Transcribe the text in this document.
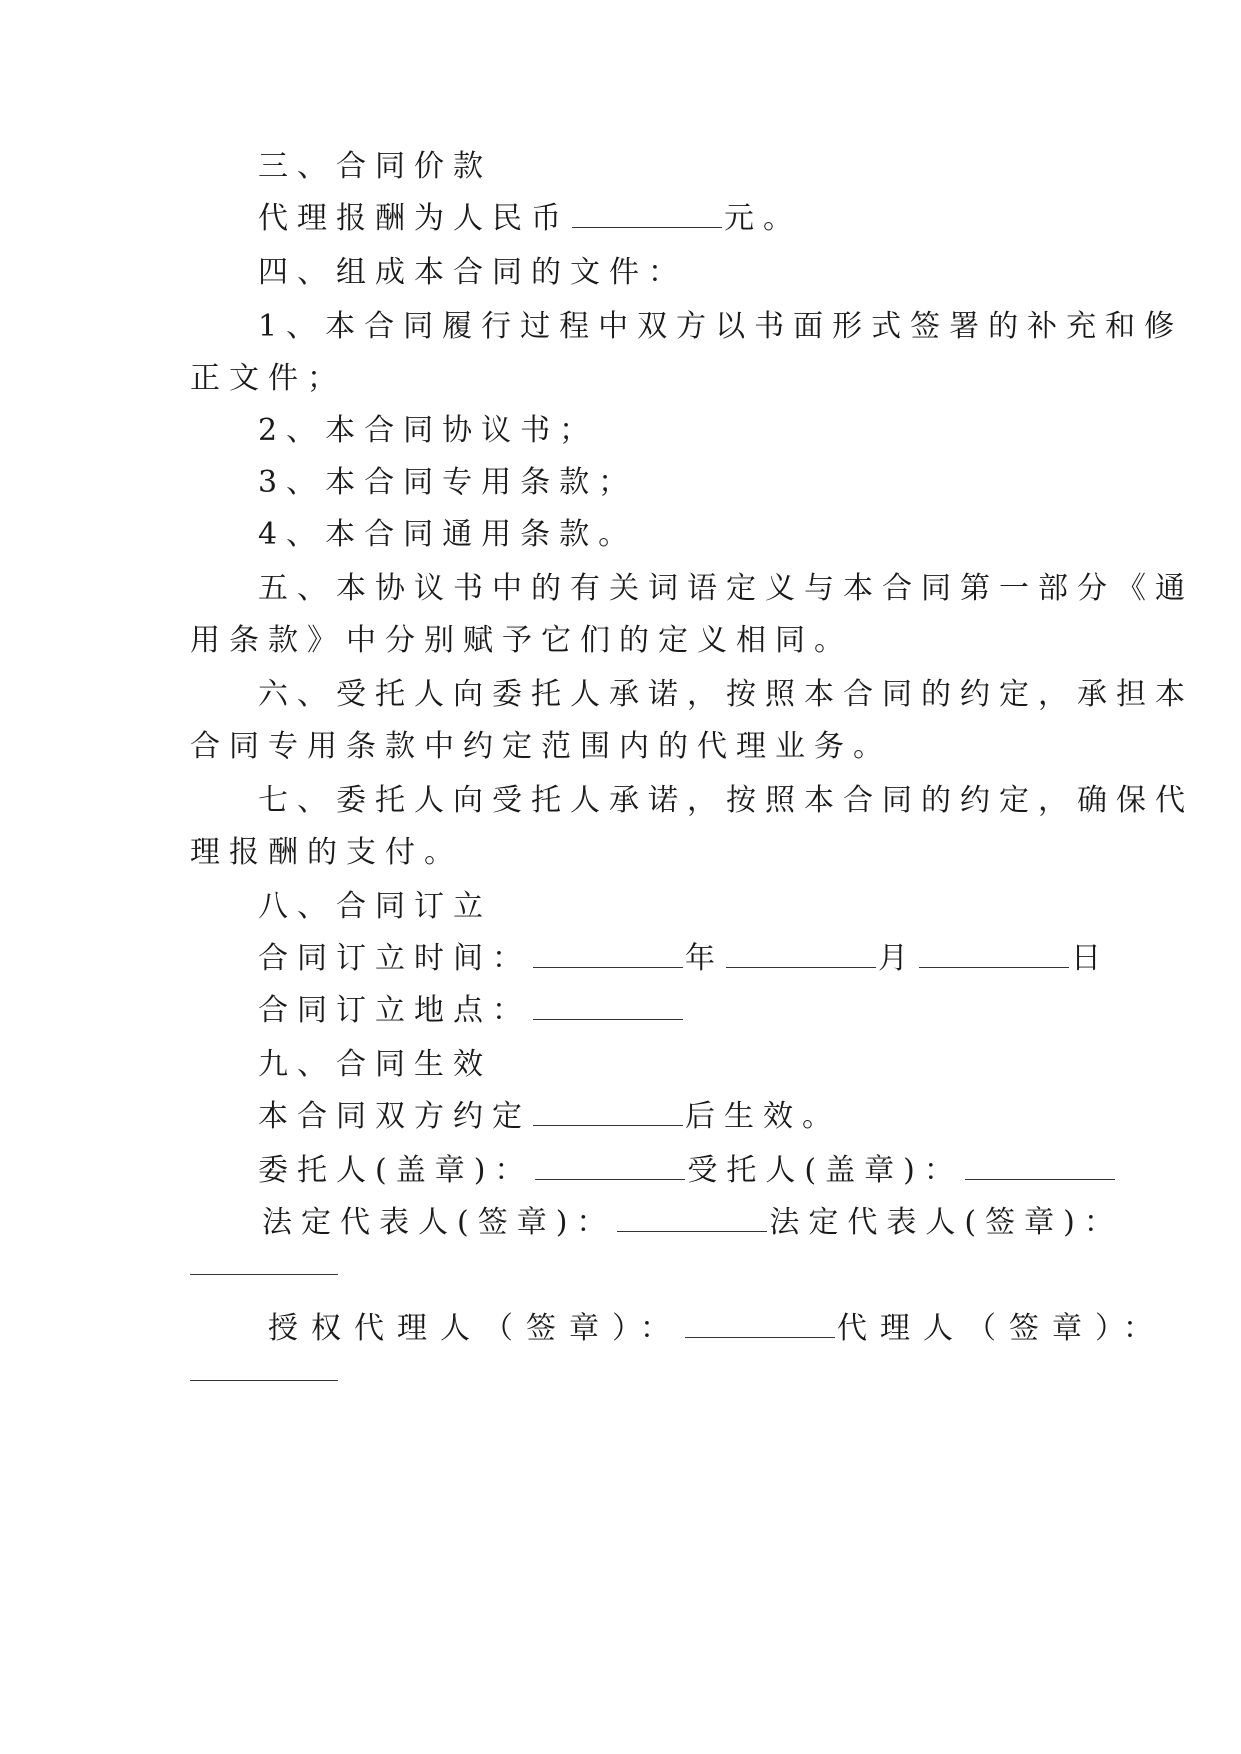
三、合同价款
代理报酬为人民币	元。
四、组成本合同的文件：
1、本合同履行过程中双方以书面形式签署的补充和修
正文件；
2、本合同协议书；
3、本合同专用条款；
4、本合同通用条款。
五、本协议书中的有关词语定义与本合同第一部分《通
用条款》中分别赋予它们的定义相同。
六、受托人向委托人承诺，按照本合同的约定，承担本
合同专用条款中约定范围内的代理业务。
七、委托人向受托人承诺，按照本合同的约定，确保代
理报酬的支付。
八、合同订立
合同订立时间：	年	月	日
合同订立地点：
九、合同生效
本合同双方约定	后生效。
委托人(盖章)：	受托人(盖章)：
法定代表人(签章)：	法定代表人(签章)：
授权代理人（签章）：	代理人（签章）：
